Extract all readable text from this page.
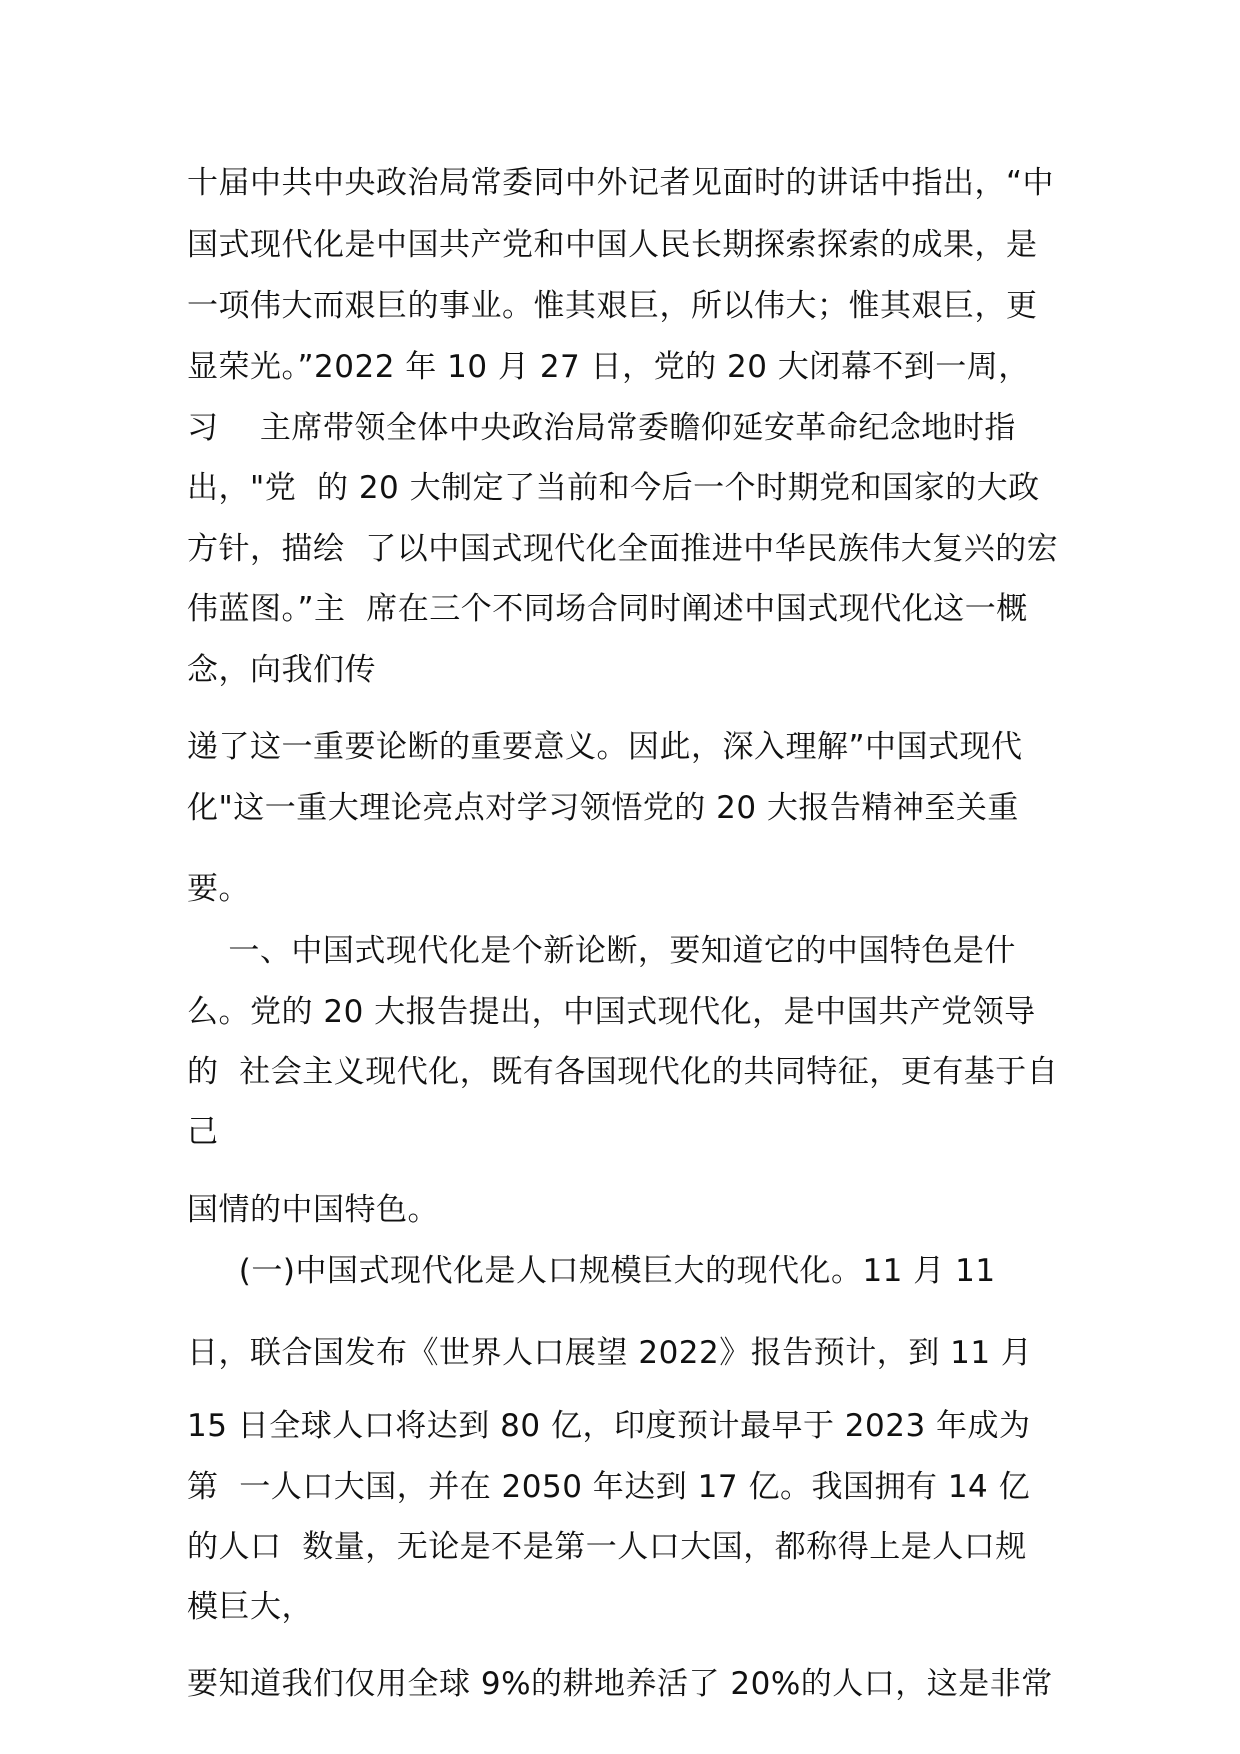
十届中共中央政治局常委同中外记者见面时的讲话中指出，“中

国式现代化是中国共产党和中国人民长期探索探索的成果，是

一项伟大而艰巨的事业。惟其艰巨，所以伟大；惟其艰巨，更

显荣光。”2022 年 10 月 27 日，党的 20 大闭幕不到一周，

习    主席带领全体中央政治局常委瞻仰延安革命纪念地时指

出，"党  的 20 大制定了当前和今后一个时期党和国家的大政

方针，描绘  了以中国式现代化全面推进中华民族伟大复兴的宏

伟蓝图。”主  席在三个不同场合同时阐述中国式现代化这一概

念，向我们传

递了这一重要论断的重要意义。因此，深入理解”中国式现代

化"这一重大理论亮点对学习领悟党的 20 大报告精神至关重

要。

一、中国式现代化是个新论断，要知道它的中国特色是什

么。党的 20 大报告提出，中国式现代化，是中国共产党领导

的  社会主义现代化，既有各国现代化的共同特征，更有基于自

己

国情的中国特色。

(一)中国式现代化是人口规模巨大的现代化。11 月 11

日，联合国发布《世界人口展望 2022》报告预计，到 11 月

15 日全球人口将达到 80 亿，印度预计最早于 2023 年成为

第  一人口大国，并在 2050 年达到 17 亿。我国拥有 14 亿

的人口  数量，无论是不是第一人口大国，都称得上是人口规

模巨大，

要知道我们仅用全球 9%的耕地养活了 20%的人口，这是非常
